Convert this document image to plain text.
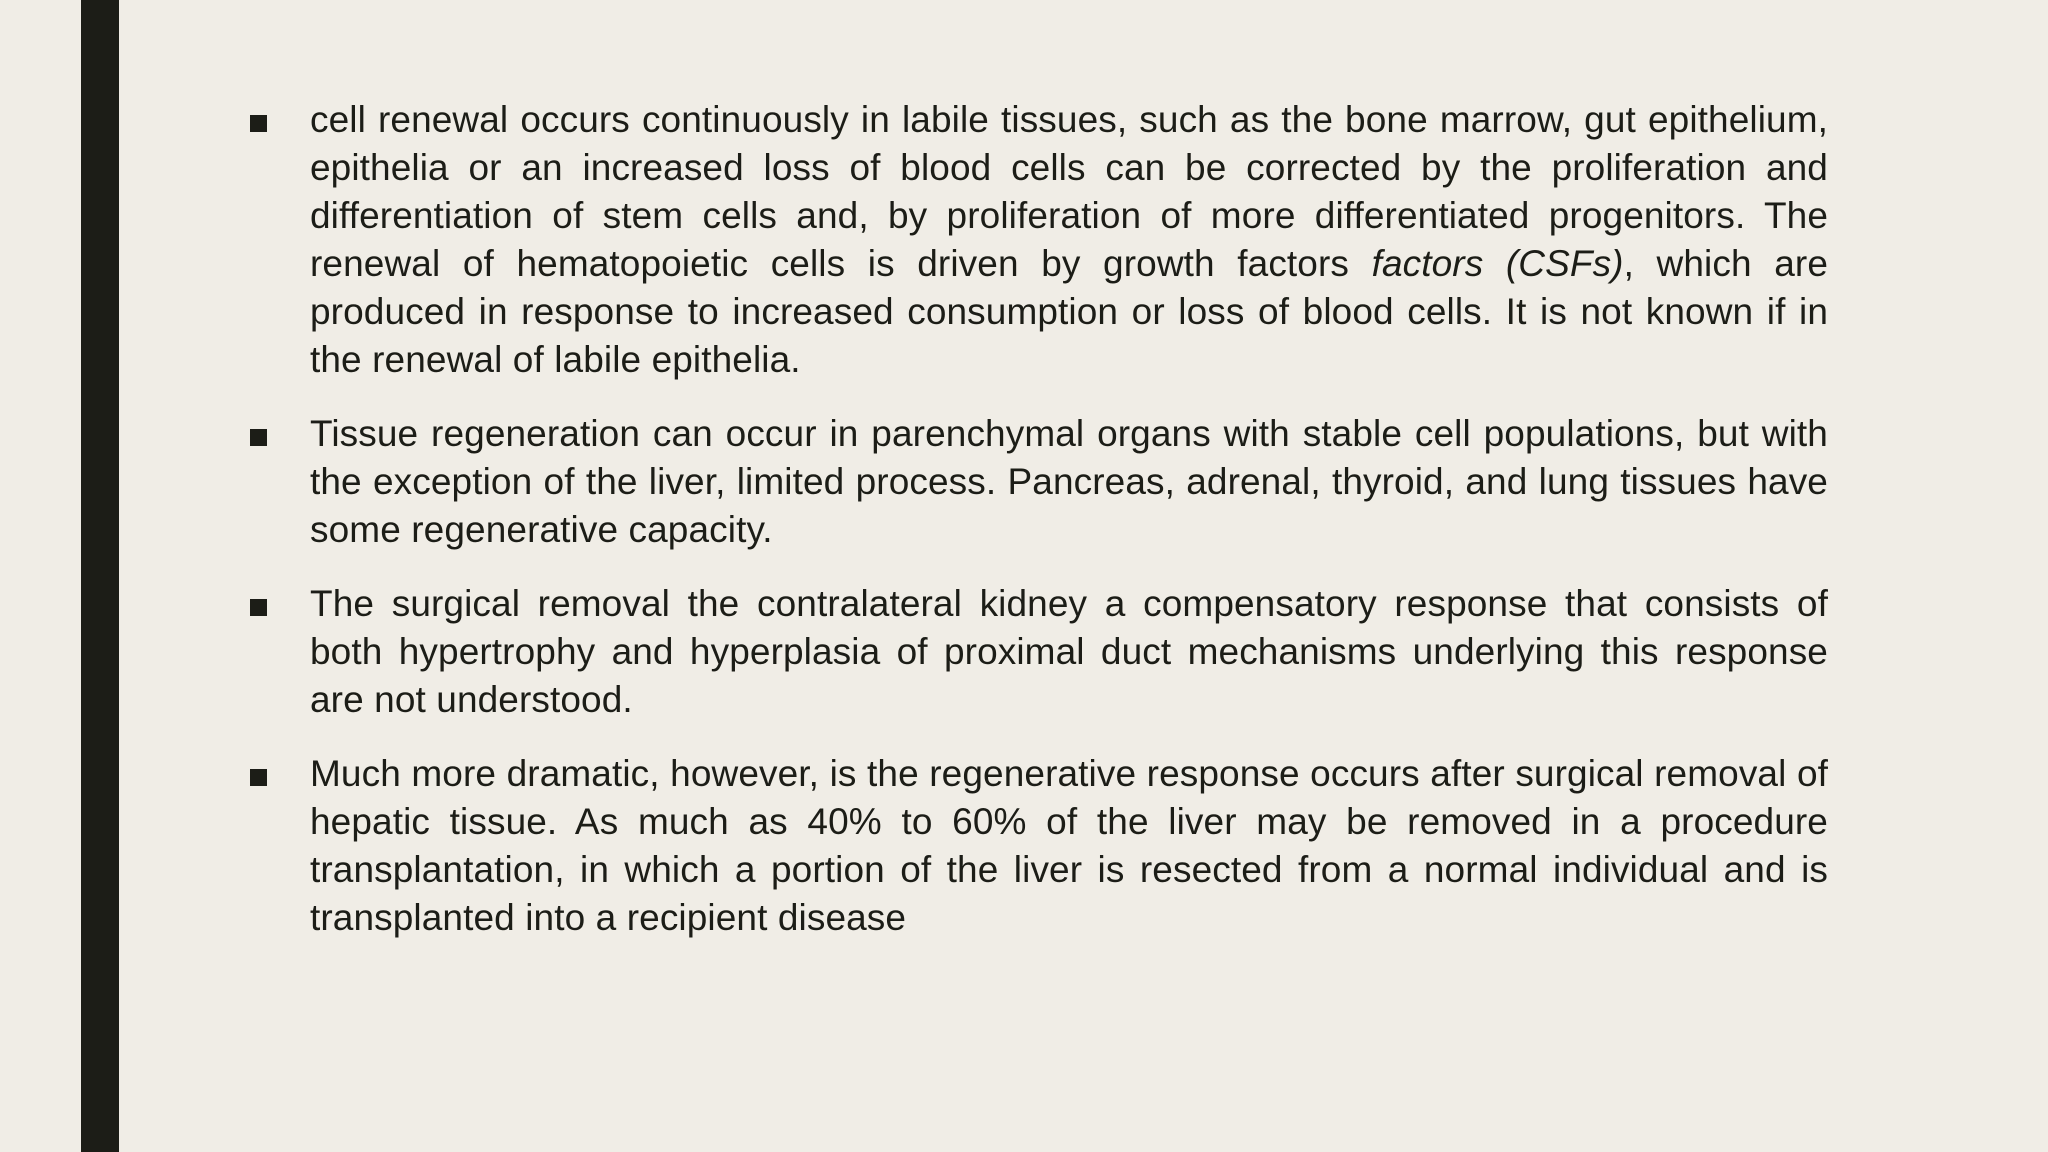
cell renewal occurs continuously in labile tissues, such as the bone marrow, gut epithelium, epithelia or an increased loss of blood cells can be corrected by the proliferation and differentiation of stem cells and, by proliferation of more differentiated progenitors. The renewal of hematopoietic cells is driven by growth factors factors (CSFs), which are produced in response to increased consumption or loss of blood cells. It is not known if in the renewal of labile epithelia.
Tissue regeneration can occur in parenchymal organs with stable cell populations, but with the exception of the liver, limited process. Pancreas, adrenal, thyroid, and lung tissues have some regenerative capacity.
The surgical removal the contralateral kidney a compensatory response that consists of both hypertrophy and hyperplasia of proximal duct mechanisms underlying this response are not understood.
Much more dramatic, however, is the regenerative response occurs after surgical removal of hepatic tissue. As much as 40% to 60% of the liver may be removed in a procedure transplantation, in which a portion of the liver is resected from a normal individual and is transplanted into a recipient disease
